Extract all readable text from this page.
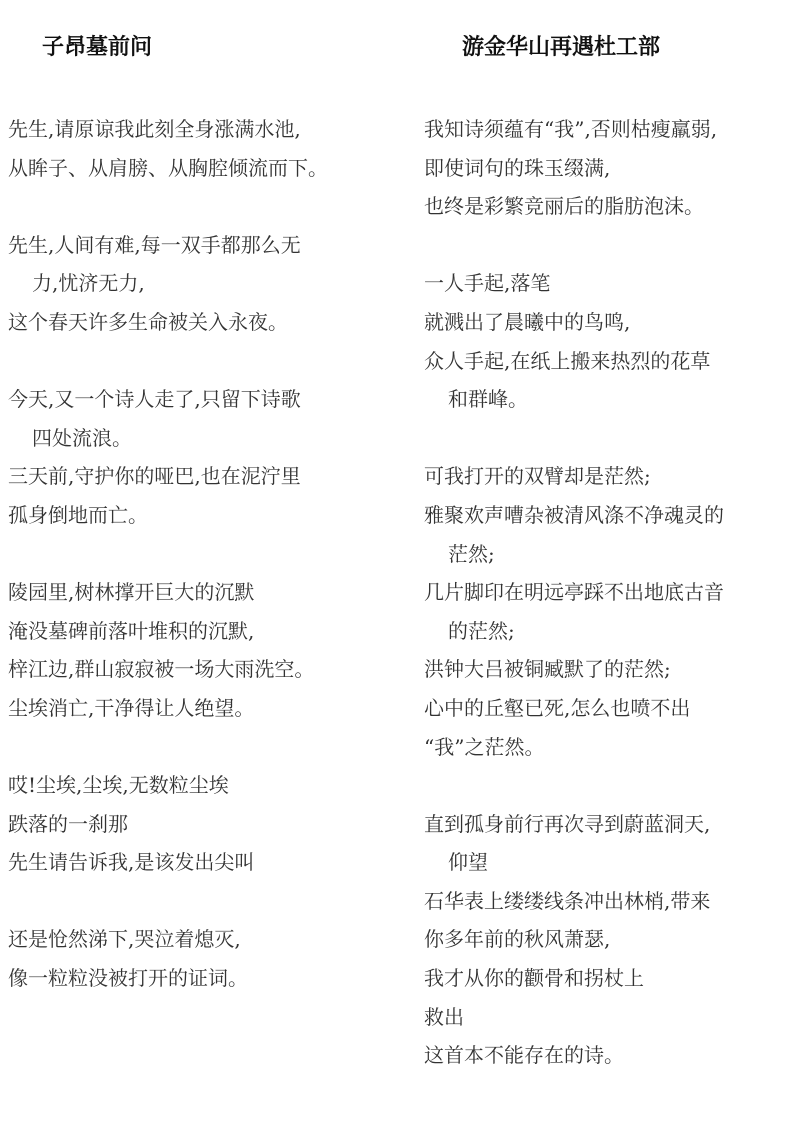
子昂墓前问
先生,请原谅我此刻全身涨满水池,
从眸子、从肩膀、从胸腔倾流而下。
先生,人间有难,每一双手都那么无
力,忧济无力,
这个春天许多生命被关入永夜。
今天,又一个诗人走了,只留下诗歌
四处流浪。
三天前,守护你的哑巴,也在泥泞里
孤身倒地而亡。
陵园里,树林撑开巨大的沉默
淹没墓碑前落叶堆积的沉默,
梓江边,群山寂寂被一场大雨洗空。
尘埃消亡,干净得让人绝望。
哎!尘埃,尘埃,无数粒尘埃
跌落的一刹那
先生请告诉我,是该发出尖叫
还是怆然涕下,哭泣着熄灭,
像一粒粒没被打开的证词。
游金华山再遇杜工部
我知诗须蕴有“我”,否则枯瘦羸弱,
即使词句的珠玉缀满,
也终是彩繁竞丽后的脂肪泡沫。
一人手起,落笔
就溅出了晨曦中的鸟鸣,
众人手起,在纸上搬来热烈的花草
和群峰。
可我打开的双臂却是茫然;
雅聚欢声嘈杂被清风涤不净魂灵的
茫然;
几片脚印在明远亭踩不出地底古音
的茫然;
洪钟大吕被铜臧默了的茫然;
心中的丘壑已死,怎么也喷不出
“我”之茫然。
直到孤身前行再次寻到蔚蓝洞天,
仰望
石华表上缕缕线条冲出林梢,带来
你多年前的秋风萧瑟,
我才从你的颧骨和拐杖上
救出
这首本不能存在的诗。
